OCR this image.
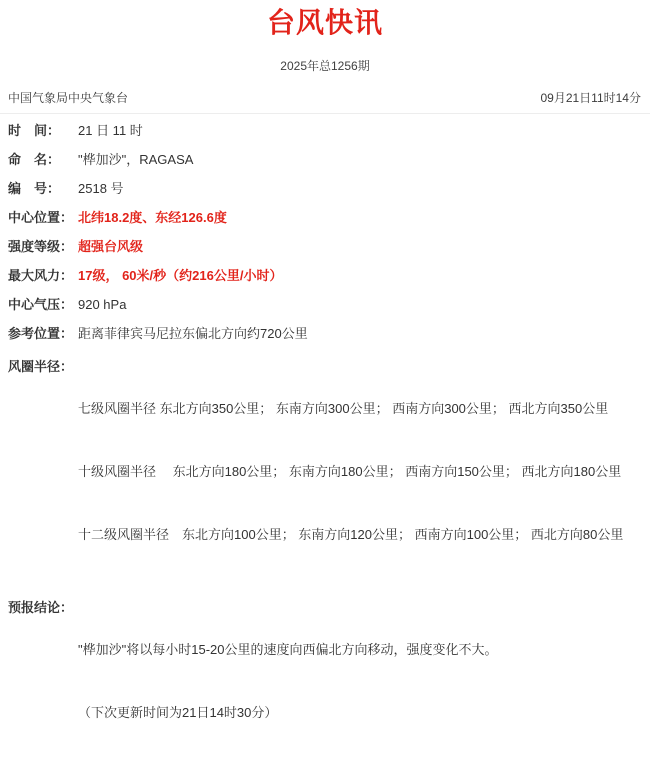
台风快讯
2025年总1256期
中国气象局中央气象台	09月21日11时14分
时　间：	21 日 11 时
命　名：	"桦加沙"，RAGASA
编　号：	2518 号
中心位置： 北纬18.2度、东经126.6度
强度等级： 超强台风级
最大风力： 17级， 60米/秒（约216公里/小时）
中心气压： 920 hPa
参考位置： 距离菲律宾马尼拉东偏北方向约720公里
风圈半径：

七级风圈半径 东北方向350公里； 东南方向300公里； 西南方向300公里； 西北方向350公里

十级风圈半径　 东北方向180公里； 东南方向180公里； 西南方向150公里； 西北方向180公里

十二级风圈半径　东北方向100公里； 东南方向120公里； 西南方向100公里； 西北方向80公里

预报结论：

"桦加沙"将以每小时15-20公里的速度向西偏北方向移动，强度变化不大。

（下次更新时间为21日14时30分）
